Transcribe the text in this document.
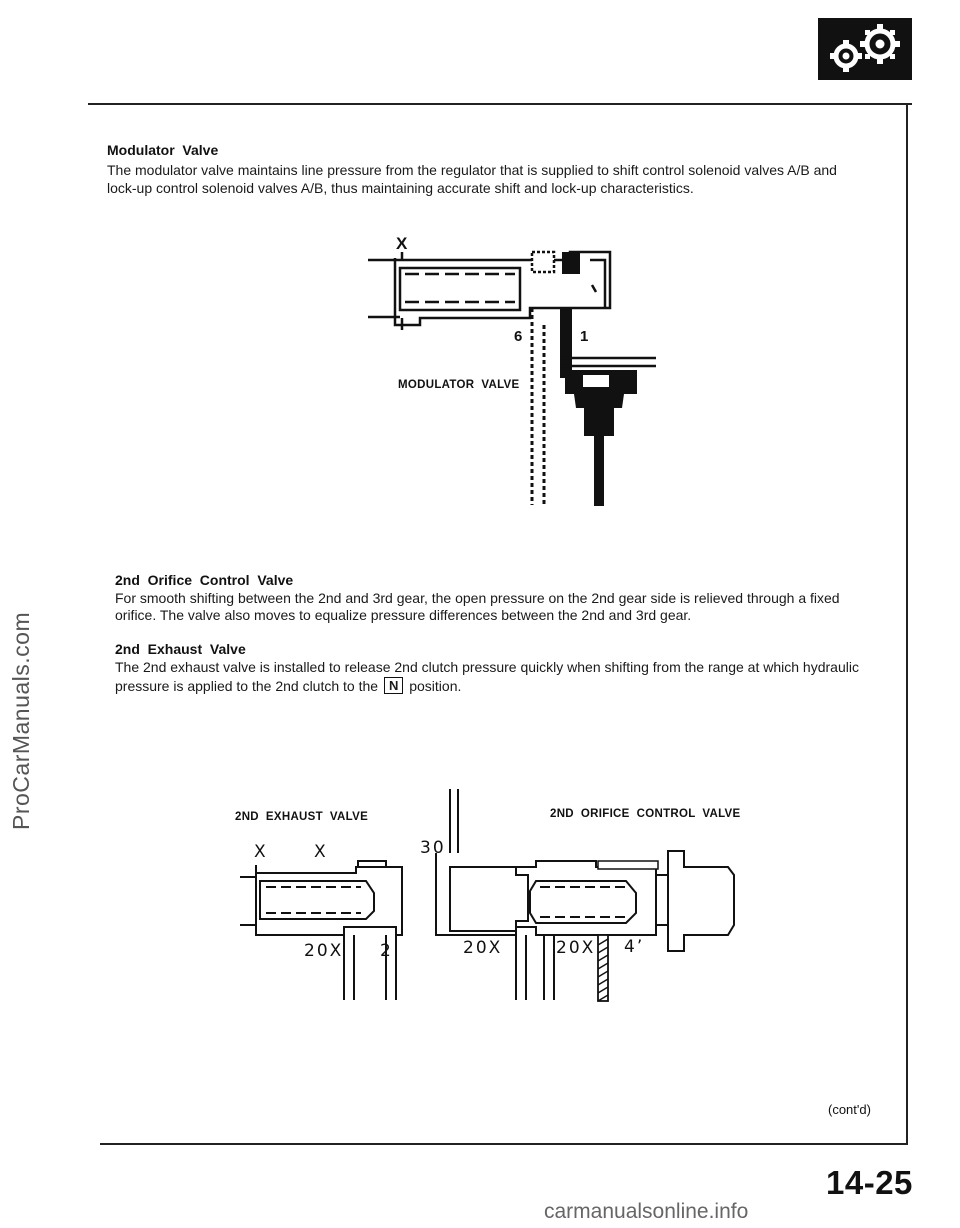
Modulator  Valve
The modulator valve maintains line pressure from the regulator that is supplied to shift control solenoid valves A/B and
lock-up control solenoid valves A/B, thus maintaining accurate shift and lock-up characteristics.
X
6	1
MODULATOR  VALVE
2nd  Orifice  Control  Valve
For smooth shifting between the 2nd and 3rd gear, the open pressure on the 2nd gear side is relieved through a fixed
orifice. The valve also moves to equalize pressure differences between the 2nd and 3rd gear.
2nd  Exhaust  Valve
The 2nd exhaust valve is installed to release 2nd clutch pressure quickly when shifting from the range at which hydraulic
pressure is applied to the 2nd clutch to the N position.
2ND  EXHAUST  VALVE	2ND  ORIFICE  CONTROL  VALVE
X	X	30
20X 2	20X	20X 4’
(cont'd)
14-25
ProCarManuals.com
carmanualsonline.info
